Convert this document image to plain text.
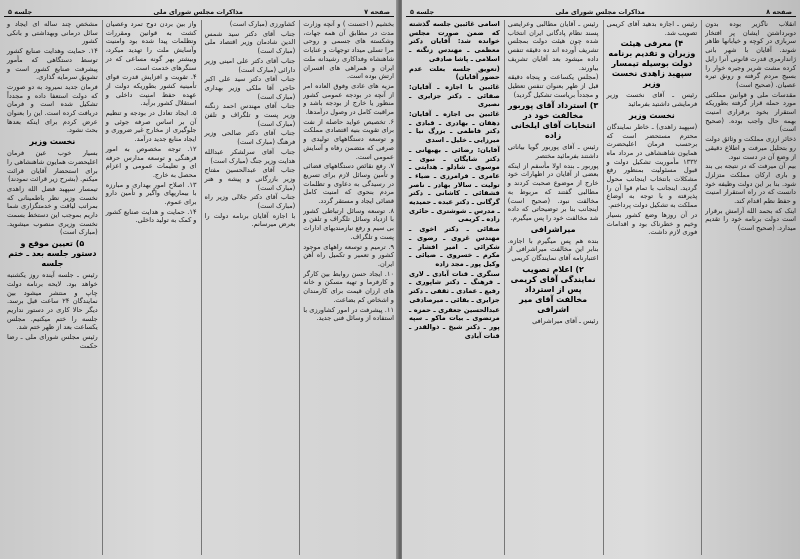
صفحه ۷
مذاکرات مجلس شورای ملی
جلسه ۵

بخشیم ( احسنت ) و آنچه وزارت مدت در مطابق آن همه جهات، وشکسته های جسمی و روحی مرا تسلی میداد توجهات و عنایات شاهنشاه وفداکاری رشیدانه ملت ایران و همراهی های افسران ارتش بوده است.

مزیه های عادی وفوق العاده امر از آنچه در بودجه عمومی کشور منظور یا خارج از بودجه باشد و مراقبت کامل در وصول درآمدها.

۶. تخصیص عواید حاصله از نفت برای تقویت بنیه اقتصادی مملکت و توسعه دستگاههای تولیدی و صرفی که متضمن رفاه و آسایش عمومی است.

۷. رفع نقائص دستگاههای قضائی و تأمین وسائل لازم برای تسریع در رسیدگی به دعاوی و تظلمات مردم بنحوی که امنیت کامل قضائی ایجاد و مستقر گردد.

۸. توسعه وسائل ارتباطی کشور با ازدیاد وسائل تلگراف و تلفن و بی سیم و رفع نیازمندیهای ادارات پست و تلگراف.

۹. ترمیم و توسعه راههای موجود کشور و تعمیر و تکمیل راه آهن ایران.

۱۰. ایجاد حسن روابط بین کارگر و کارفرما و تهیه مسکن و خانه های ارزان قیمت برای کارمندان و اشخاص کم بضاعت.

۱۱. پیشرفت در امور کشاورزی با استفاده از وسائل فنی جدید.

کشاورزی (مبارک است)

جناب آقای دکتر سید شمس الدین شادمان وزیر اقتصاد ملی (مبارک است)

جناب آقای دکتر علی امینی وزیر دارائی (مبارک است)

جناب آقای دکتر سید علی اکبر حاجی آقا ملکی وزیر بهداری (مبارک است)

جناب آقای مهندس احمد زنگنه وزیر پست و تلگراف و تلفن (مبارک است)

جناب آقای دکتر صالحی وزیر فرهنگ (مبارک است)

جناب آقای سرلشکر عبدالله هدایت وزیر جنگ (مبارک است)

جناب آقای عبدالحسین مفتاح وزیر بازرگانی و پیشه و هنر (مبارک است)

جناب آقای دکتر جلالی وزیر راه (مبارک است)

با اجازه آقایان برنامه دولت را بعرض میرسانم.

واز بین بردن دوح تمرد وعصیان کشت به قوانین ومقررات وتظلمات پیدا شده بود وامنیت وآسایش ملت را تهدید میکرد، وبیشتر بهر گونه مساعی که در سنگرهای خدمت است.

۴. تقویت و افزایش قدرت قوای تأمینیه کشور بطوریکه دولت از عهده حفظ امنیت داخلی و استقلال کشور برآید.

۵. ایجاد تعادل در بودجه و تنظیم آن بر اساس صرفه جوئی و جلوگیری از مخارج غیر ضروری و ایجاد منابع جدید درآمد.

۱۲. توجه مخصوص به امور فرهنگی و توسعه مدارس حرفه ای و تعلیمات عمومی و اعزام محصل به خارج.

۱۳. اصلاح امور بهداری و مبارزه با بیماریهای واگیر و تأمین دارو برای عموم.

۱۴. حمایت و هدایت صنایع کشور و کمک به تولید داخلی.

مشخص چند ساله ای ایجاد و سائل درمانی وبهداشتی و بانکی کشور

۱۴. حمایت وهدایت صنایع کشور توسط دستگاهی که مأمور پیشرفت صنایع کشور است و تشویق سرمایه گذاری.

فرمان جدید نمیرود به دو صورت که دولت استعفا داده و مجدداً تشکیل شده است و فرمان دریافت کرده است. این را بعنوان عرض کردم برای اینکه بعدها بحث نشود.

نخست وزیر

بسیار خوب عین فرمان اعلیحضرت همایون شاهنشاهی را برای استحضار آقایان قرائت میکنم. (بشرح زیر قرائت نمودند)

تیمسار سپهبد فضل الله زاهدی نخست وزیر نظر باطمینانی که بمراتب لیاقت و خدمتگزاری شما داریم بموجب این دستخط بسمت نخست وزیری منصوب میشوید. (مبارک است)

۵) تعیین موقع و دستور جلسه بعد ـ ختم جلسه

رئیس ـ جلسه آینده روز یکشنبه خواهد بود. لایحه برنامه دولت چاپ و منتشر میشود بین نمایندگان ۲۴ ساعت قبل برسد. دیگر حالا کاری در دستور نداریم جلسه را ختم میکنیم. مجلس یکساعت بعد از ظهر ختم شد.

رئیس مجلس شورای ملی ـ رضا حکمت

صفحه ۸
مذاکرات مجلس شورای ملی
جلسه ۵

انقلاب ناگزیر بوده بدون دوبرداشتن ایشان پر افتخار سربازی در کوچه و خیابانها ظاهر شوند. آقایان با شهر بانی ژاندارمری قدرت قانونی آنرا زایل کرده مشت شریر وجیره خوار را بسیج مردم گرفته و رونق تیره عصیان. (صحیح است)

مقدسات ملی و قوانین مملکتی مورد حمله قرار گرفته بطوریکه استقرار بخود برقراری امنیت بهمه حال واجب بوده. (صحیح است)

ذخائر ارزی مملکت و وثائق دولت رو بتحلیل میرفت و اطلاع دقیقی از وضع آن در دست نبود.

بیم آن میرفت که در نتیجه بی بند و باری ارکان مملکت متزلزل شود. بنا بر این دولت وظیفه خود دانست که در راه استقرار امنیت و حفظ نظم اقدام کند.

اینک که بحمد الله آرامش برقرار است دولت برنامه خود را تقدیم میدارد. (صحیح است)

رئیس ـ اجازه بدهید آقای کریمی تصویب شد.

۴) معرفی هیئت وزیران و تقدیم برنامه دولت بوسیله تیمسار سپهبد زاهدی نخست وزیر

رئیس ـ آقای نخست وزیر فرمایشی داشتید بفرمائید

نخست وزیر

(سپهبد زاهدی) ـ خاطر نمایندگان محترم مستحضر است که برحسب فرمان اعلیحضرت همایون شاهنشاهی در مرداد ماه ۱۳۳۲ مأموریت تشکیل دولت و قبول مسئولیت بمنظور رفع مشکلات بانتخاب اینجانب محول گردید. اینجانب با تمام قوا آن را پذیرفته و با توجه به اوضاع مملکت به تشکیل دولت پرداختم.

در آن روزها وضع کشور بسیار وخیم و خطرناک بود و اقدامات فوری لازم داشت.

رئیس ـ آقایان مطالبی وعرایضی پسند نظام پادگانی ایران انتخاب شده چون هیئت دولت بمجلس تشریف آورده اند ده دقیقه تنفس داده میشود بعد آقایان تشریف بیاورند.

(مجلس یکساعت و پنجاه دقیقه قبل از ظهر بعنوان تنفس تعطیل و مجدداً بریاست تشکیل گردید)

۳) استرداد آقای پوربور مخالفت خود در انتخابات آقای ایلخانی زاده

رئیس ـ آقای پوربور گویا بیاناتی داشتند بفرمائید مختصر

پوربور ـ بنده اولا مأسفم از اینکه بعضی از آقایان در اظهارات خود خارج از موضوع صحبت کردند و مطالبی گفتند که مربوط به مخالفت نبود. (صحیح است) اینجانب بنا بر توضیحاتی که داده شد مخالفت خود را پس میگیرم.

میراشرافی

بنده هم پس میگیرم با اجازه. بنابر این مخالفت میراشرافی از اعتبارنامه آقای نمایندگان کریمی

۲) اعلام تصویب نمایندگی آقای کریمی پس از استرداد مخالفت آقای میر اشرافی

رئیس ـ آقای میراشرافی

اسامی غائبین جلسه گذشته که ضمن صورت مجلس خوانده شد: آقایان دکتر معظمی ـ مهندس زنگنه ـ اسلامی ـ پاشا صادقی

(تعویق جلسه بعلت عدم حضور آقایان)

غائبین با اجازه ـ آقایان: صفائی ـ دکتر جزایری ـ نصیری

غائبین بی اجازه ـ آقایان: دهقان ـ بهادری ـ قبادی ـ دکتر فاطمی ـ بزرگ نیا ـ میرزایی ـ خلیل ـ اسدی

آقایان: رضائی ـ بهبهانی ـ دکتر شایگان ـ نبوی ـ موسوی ـ شادلو ـ هدایتی ـ عامری ـ فرامرزی ـ ضیاء ـ تولیت ـ سالار بهادر ـ ناصر قشقائی ـ کاشانی ـ دکتر گرگانی ـ دکتر عبده ـ حمیدیه ـ مدرس ـ شوشتری ـ حائری زاده ـ کریمی

صفائی ـ دکتر اخوی ـ مهندس غروی ـ رضوی ـ شکرائی ـ امیر افشار ـ مکرم ـ خسروی ـ ضیائی ـ وکیل پور ـ مجد زاده

سنگری ـ قنات آبادی ـ لاری ـ فرهنگ ـ دکتر شاپوری ـ رفیع ـ عمادی ـ ثقفی ـ دکتر جزایری ـ بقائی ـ میرصادقی

عبدالحسین جعفری ـ حمزه ـ مرتضوی ـ بیات ماکو ـ سپه پور ـ دکتر شیخ ـ ذوالقدر ـ قنات آبادی
